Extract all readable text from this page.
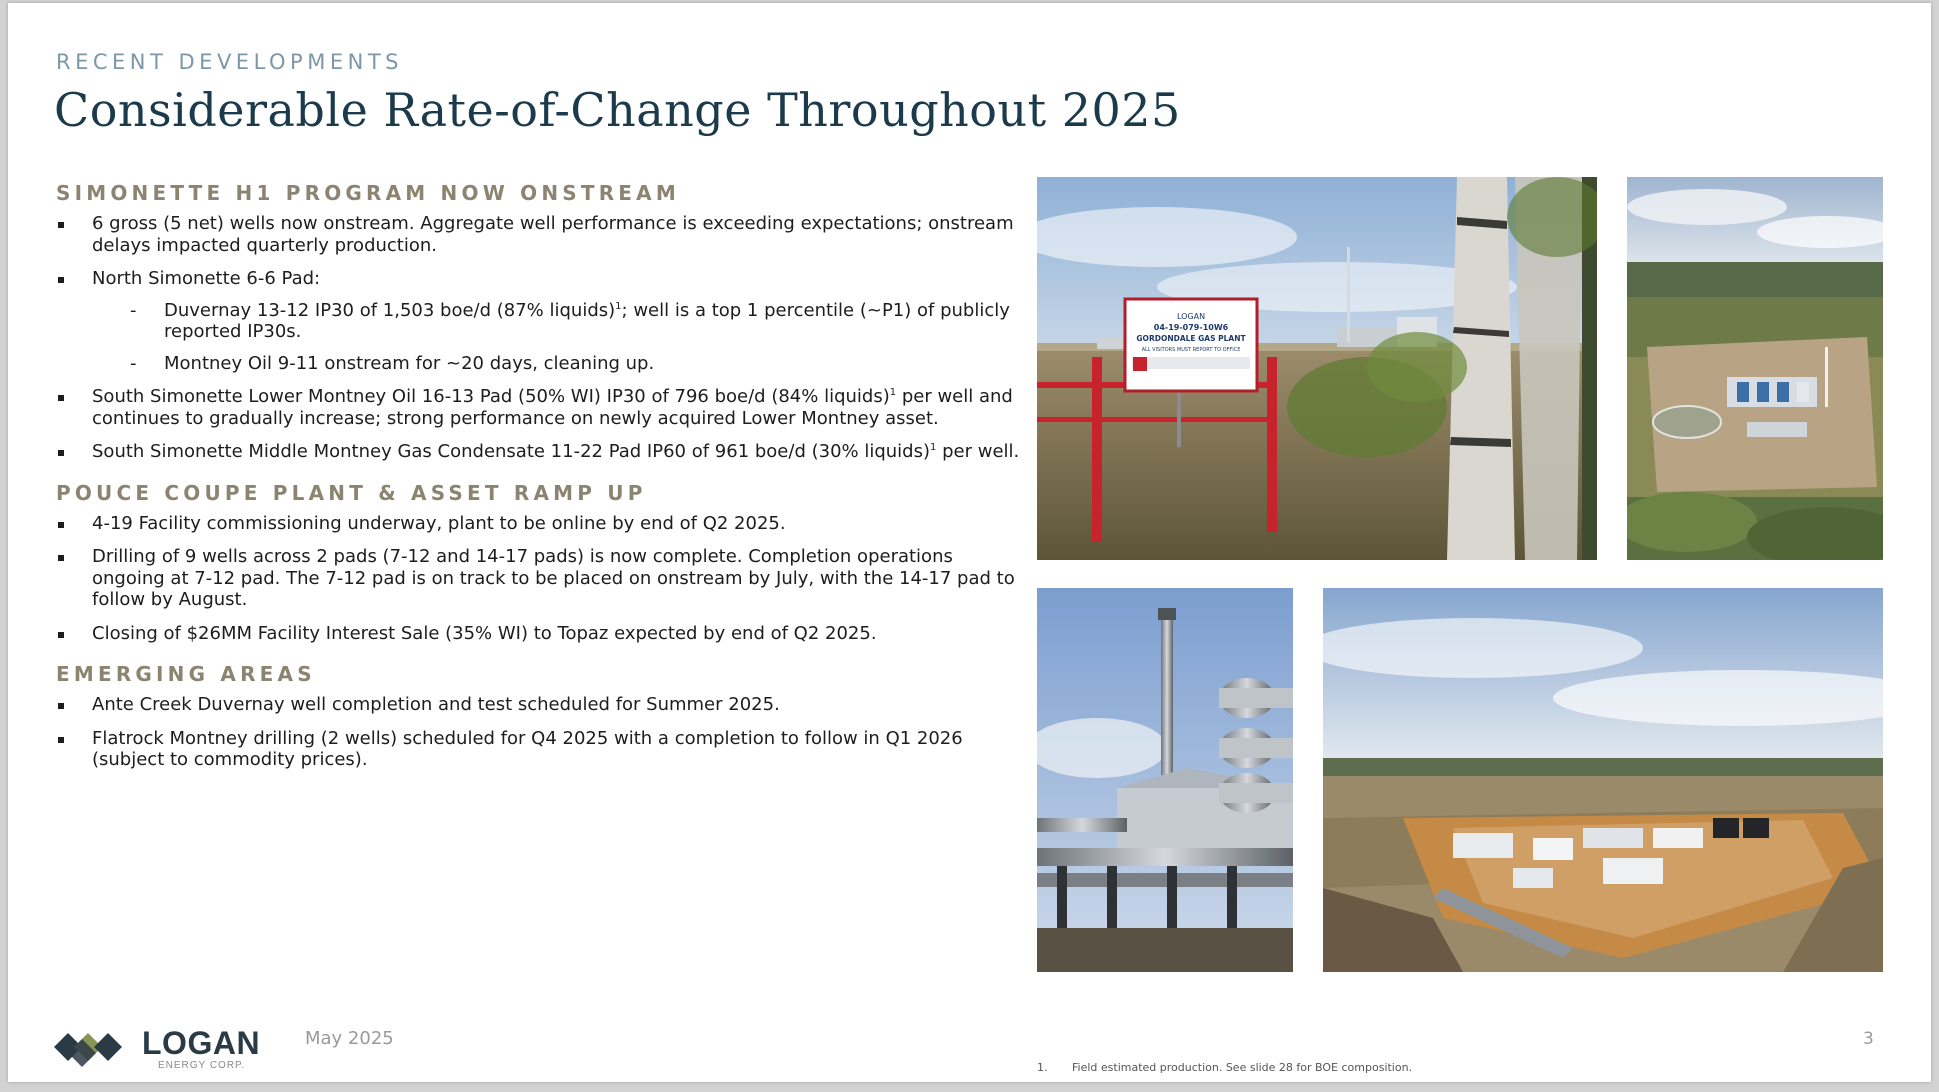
RECENT DEVELOPMENTS
Considerable Rate-of-Change Throughout 2025
SIMONETTE H1 PROGRAM NOW ONSTREAM
6 gross (5 net) wells now onstream. Aggregate well performance is exceeding expectations; onstream delays impacted quarterly production.
North Simonette 6-6 Pad:
- Duvernay 13-12 IP30 of 1,503 boe/d (87% liquids)$^1$; well is a top 1 percentile (~P1) of publicly reported IP30s.
- Montney Oil 9-11 onstream for ~20 days, cleaning up.
South Simonette Lower Montney Oil 16-13 Pad (50% WI) IP30 of 796 boe/d (84% liquids)$^1$ per well and continues to gradually increase; strong performance on newly acquired Lower Montney asset.
South Simonette Middle Montney Gas Condensate 11-22 Pad IP60 of 961 boe/d (30% liquids)$^1$ per well.
POUCE COUPE PLANT & ASSET RAMP UP
4-19 Facility commissioning underway, plant to be online by end of Q2 2025.
Drilling of 9 wells across 2 pads (7-12 and 14-17 pads) is now complete. Completion operations ongoing at 7-12 pad. The 7-12 pad is on track to be placed on onstream by July, with the 14-17 pad to follow by August.
Closing of $26MM Facility Interest Sale (35% WI) to Topaz expected by end of Q2 2025.
EMERGING AREAS
Ante Creek Duvernay well completion and test scheduled for Summer 2025.
Flatrock Montney drilling (2 wells) scheduled for Q4 2025 with a completion to follow in Q1 2026 (subject to commodity prices).
LOGAN
04-19-079-10W6
GORDONDALE GAS PLANT
ALL VISITORS MUST REPORT TO OFFICE
LOGAN
ENERGY CORP.
May 2025	3
1. Field estimated production. See slide 28 for BOE composition.
